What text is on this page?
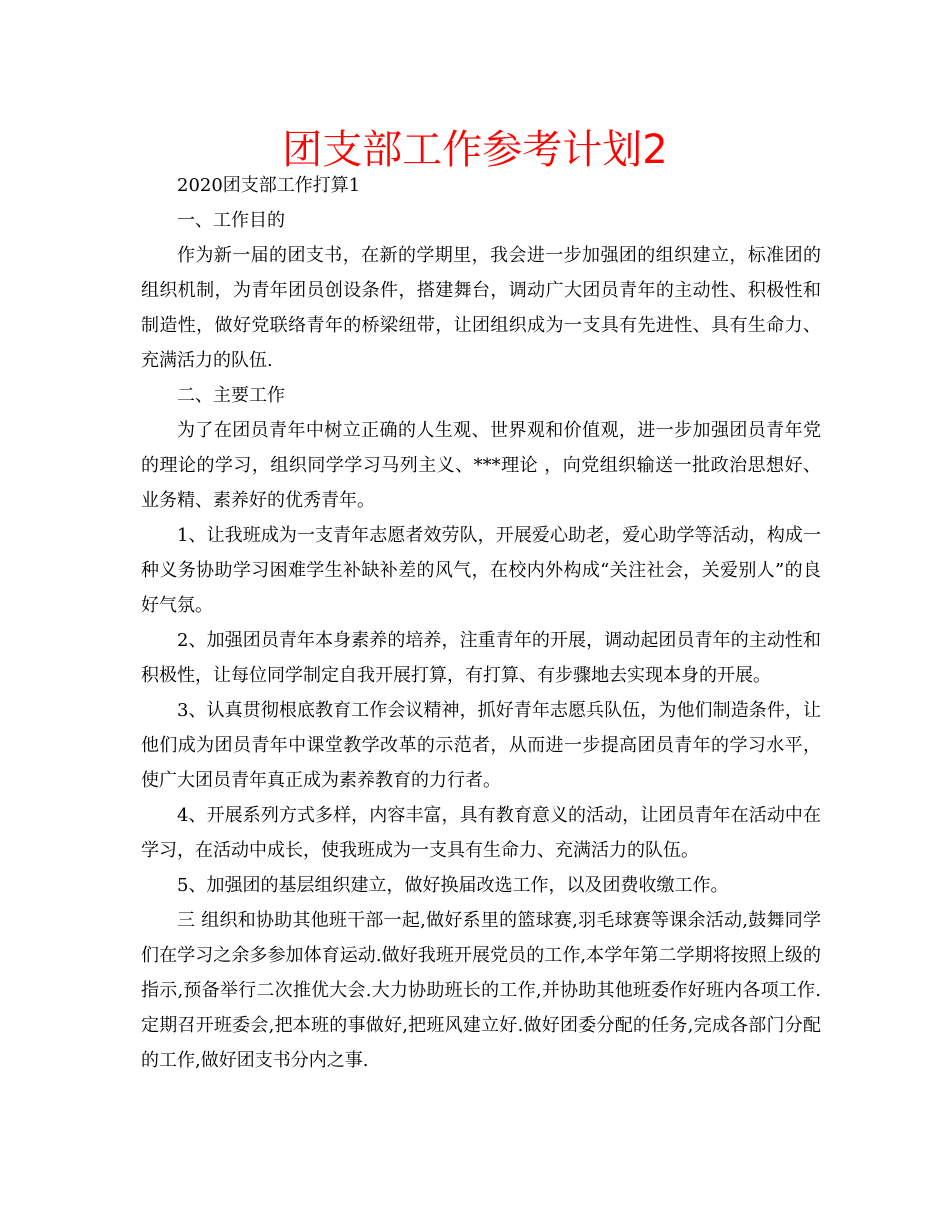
团支部工作参考计划2

2020团支部工作打算1

一、工作目的

作为新一届的团支书，在新的学期里，我会进一步加强团的组织建立，标准团的组织机制，为青年团员创设条件，搭建舞台，调动广大团员青年的主动性、积极性和制造性，做好党联络青年的桥梁纽带，让团组织成为一支具有先进性、具有生命力、充满活力的队伍.

二、主要工作

为了在团员青年中树立正确的人生观、世界观和价值观，进一步加强团员青年党的理论的学习，组织同学学习马列主义、***理论 ，向党组织输送一批政治思想好、业务精、素养好的优秀青年。

1、让我班成为一支青年志愿者效劳队，开展爱心助老，爱心助学等活动，构成一种义务协助学习困难学生补缺补差的风气，在校内外构成“关注社会，关爱别人”的良好气氛。

2、加强团员青年本身素养的培养，注重青年的开展，调动起团员青年的主动性和积极性，让每位同学制定自我开展打算，有打算、有步骤地去实现本身的开展。

3、认真贯彻根底教育工作会议精神，抓好青年志愿兵队伍，为他们制造条件，让他们成为团员青年中课堂教学改革的示范者，从而进一步提高团员青年的学习水平，使广大团员青年真正成为素养教育的力行者。

4、开展系列方式多样，内容丰富，具有教育意义的活动，让团员青年在活动中在学习，在活动中成长，使我班成为一支具有生命力、充满活力的队伍。

5、加强团的基层组织建立，做好换届改选工作，以及团费收缴工作。

三 组织和协助其他班干部一起,做好系里的篮球赛,羽毛球赛等课余活动,鼓舞同学们在学习之余多参加体育运动.做好我班开展党员的工作,本学年第二学期将按照上级的指示,预备举行二次推优大会.大力协助班长的工作,并协助其他班委作好班内各项工作.定期召开班委会,把本班的事做好,把班风建立好.做好团委分配的任务,完成各部门分配的工作,做好团支书分内之事.
